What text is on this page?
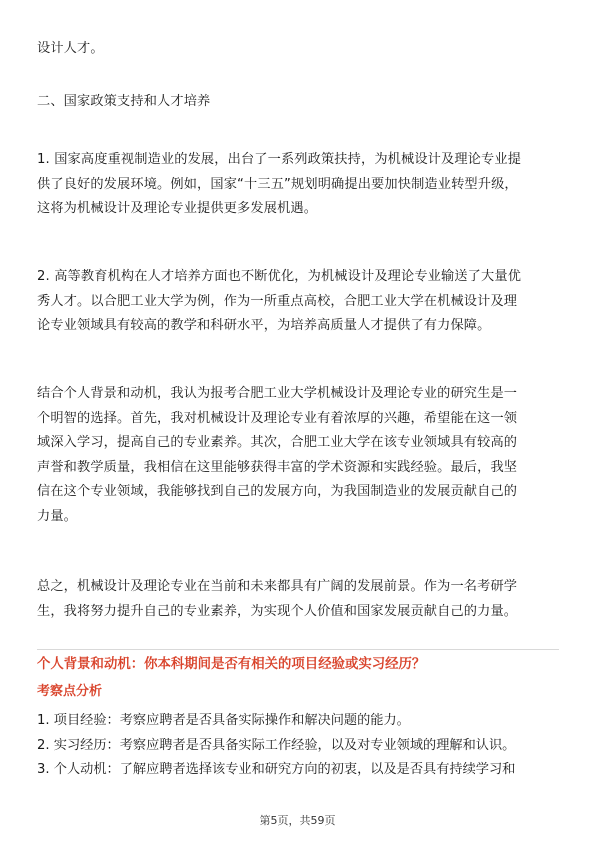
设计人才。
二、国家政策支持和人才培养
1. 国家高度重视制造业的发展，出台了一系列政策扶持，为机械设计及理论专业提
供了良好的发展环境。例如，国家“十三五”规划明确提出要加快制造业转型升级，
这将为机械设计及理论专业提供更多发展机遇。
2. 高等教育机构在人才培养方面也不断优化，为机械设计及理论专业输送了大量优
秀人才。以合肥工业大学为例，作为一所重点高校，合肥工业大学在机械设计及理
论专业领域具有较高的教学和科研水平，为培养高质量人才提供了有力保障。
结合个人背景和动机，我认为报考合肥工业大学机械设计及理论专业的研究生是一
个明智的选择。首先，我对机械设计及理论专业有着浓厚的兴趣，希望能在这一领
域深入学习，提高自己的专业素养。其次，合肥工业大学在该专业领域具有较高的
声誉和教学质量，我相信在这里能够获得丰富的学术资源和实践经验。最后，我坚
信在这个专业领域，我能够找到自己的发展方向，为我国制造业的发展贡献自己的
力量。
总之，机械设计及理论专业在当前和未来都具有广阔的发展前景。作为一名考研学
生，我将努力提升自己的专业素养，为实现个人价值和国家发展贡献自己的力量。
个人背景和动机：你本科期间是否有相关的项目经验或实习经历？
考察点分析
1. 项目经验：考察应聘者是否具备实际操作和解决问题的能力。
2. 实习经历：考察应聘者是否具备实际工作经验，以及对专业领域的理解和认识。
3. 个人动机：了解应聘者选择该专业和研究方向的初衷，以及是否具有持续学习和
第5页，共59页
